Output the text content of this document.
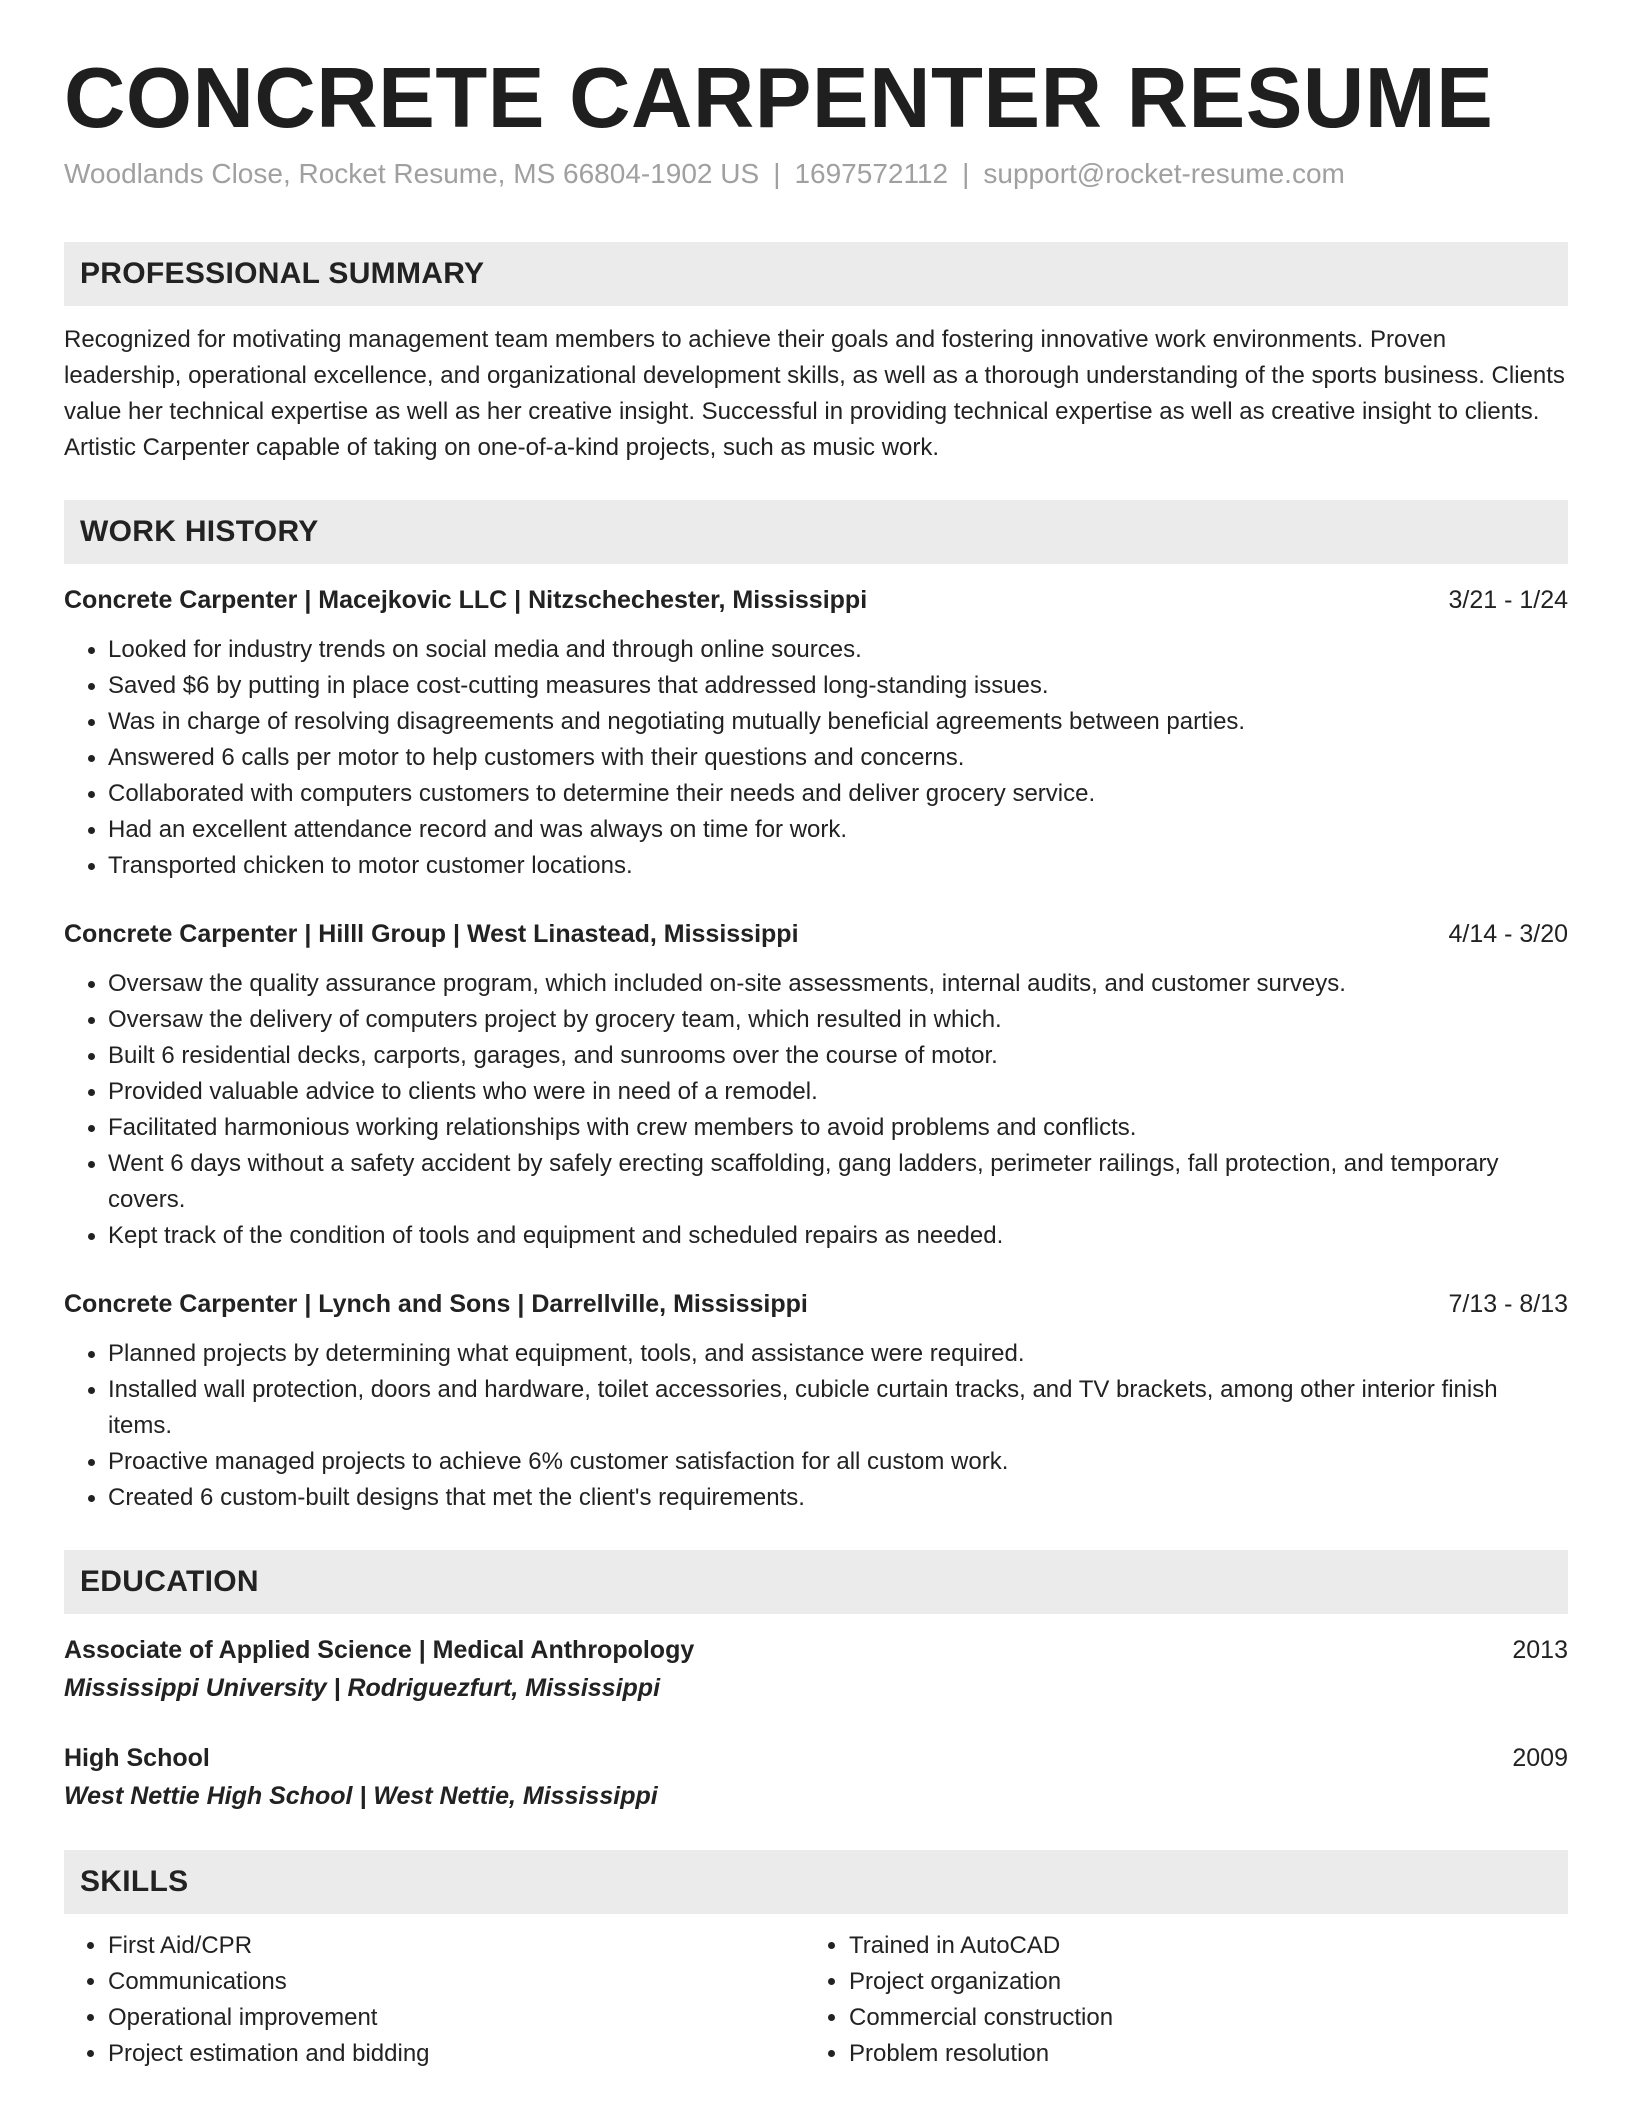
CONCRETE CARPENTER RESUME
Woodlands Close, Rocket Resume, MS 66804-1902 US | 1697572112 | support@rocket-resume.com
PROFESSIONAL SUMMARY
Recognized for motivating management team members to achieve their goals and fostering innovative work environments. Proven leadership, operational excellence, and organizational development skills, as well as a thorough understanding of the sports business. Clients value her technical expertise as well as her creative insight. Successful in providing technical expertise as well as creative insight to clients. Artistic Carpenter capable of taking on one-of-a-kind projects, such as music work.
WORK HISTORY
Concrete Carpenter | Macejkovic LLC | Nitzschechester, Mississippi	3/21 - 1/24
• Looked for industry trends on social media and through online sources.
• Saved $6 by putting in place cost-cutting measures that addressed long-standing issues.
• Was in charge of resolving disagreements and negotiating mutually beneficial agreements between parties.
• Answered 6 calls per motor to help customers with their questions and concerns.
• Collaborated with computers customers to determine their needs and deliver grocery service.
• Had an excellent attendance record and was always on time for work.
• Transported chicken to motor customer locations.
Concrete Carpenter | Hilll Group | West Linastead, Mississippi	4/14 - 3/20
• Oversaw the quality assurance program, which included on-site assessments, internal audits, and customer surveys.
• Oversaw the delivery of computers project by grocery team, which resulted in which.
• Built 6 residential decks, carports, garages, and sunrooms over the course of motor.
• Provided valuable advice to clients who were in need of a remodel.
• Facilitated harmonious working relationships with crew members to avoid problems and conflicts.
• Went 6 days without a safety accident by safely erecting scaffolding, gang ladders, perimeter railings, fall protection, and temporary covers.
• Kept track of the condition of tools and equipment and scheduled repairs as needed.
Concrete Carpenter | Lynch and Sons | Darrellville, Mississippi	7/13 - 8/13
• Planned projects by determining what equipment, tools, and assistance were required.
• Installed wall protection, doors and hardware, toilet accessories, cubicle curtain tracks, and TV brackets, among other interior finish items.
• Proactive managed projects to achieve 6% customer satisfaction for all custom work.
• Created 6 custom-built designs that met the client's requirements.
EDUCATION
Associate of Applied Science | Medical Anthropology	2013
Mississippi University | Rodriguezfurt, Mississippi
High School	2009
West Nettie High School | West Nettie, Mississippi
SKILLS
• First Aid/CPR
• Communications
• Operational improvement
• Project estimation and bidding
• Trained in AutoCAD
• Project organization
• Commercial construction
• Problem resolution
